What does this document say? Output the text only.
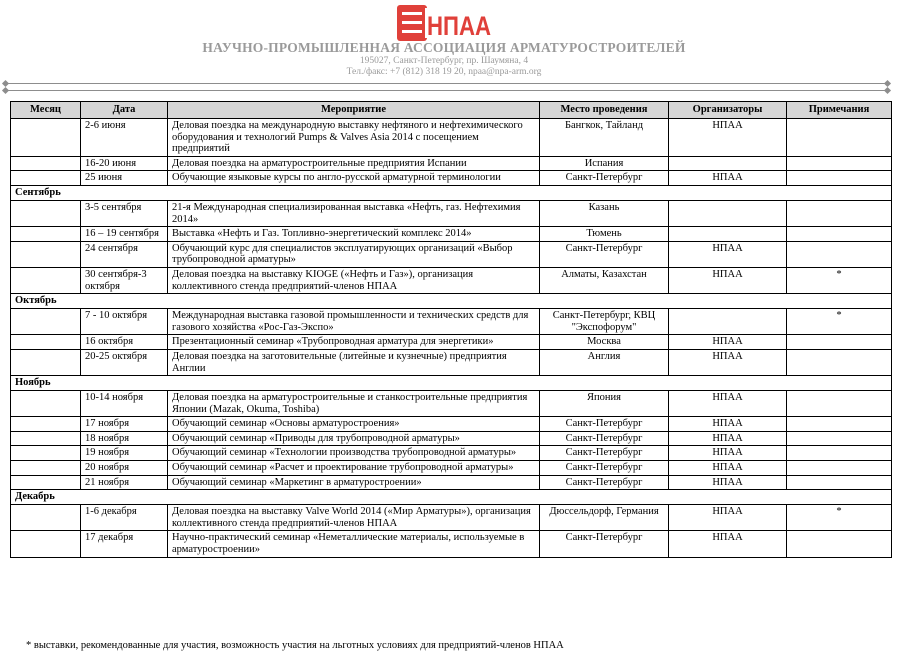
НПАА
НАУЧНО-ПРОМЫШЛЕННАЯ АССОЦИАЦИЯ АРМАТУРОСТРОИТЕЛЕЙ
195027, Санкт-Петербург, пр. Шаумяна, 4
Тел./факс: +7 (812) 318 19 20, npaa@npa-arm.org
Месяц	Дата	Мероприятие	Место проведения	Организаторы	Примечания
	2-6 июня	Деловая поездка на международную выставку нефтяного и нефтехимического оборудования и технологий Pumps & Valves Asia 2014 с посещением предприятий	Бангкок, Тайланд	НПАА	
	16-20 июня	Деловая поездка на арматуростроительные предприятия Испании	Испания		
	25 июня	Обучающие языковые курсы по англо-русской арматурной терминологии	Санкт-Петербург	НПАА	
Сентябрь					
	3-5 сентября	21-я Международная специализированная выставка «Нефть, газ. Нефтехимия 2014»	Казань		
	16 – 19 сентября	Выставка «Нефть и Газ. Топливно-энергетический комплекс 2014»	Тюмень		
	24 сентября	Обучающий курс для специалистов эксплуатирующих организаций «Выбор трубопроводной арматуры»	Санкт-Петербург	НПАА	
	30 сентября-3 октября	Деловая поездка на выставку KIOGE («Нефть и Газ»), организация коллективного стенда предприятий-членов НПАА	Алматы, Казахстан	НПАА	*
Октябрь					
	7 - 10 октября	Международная выставка газовой промышленности и технических средств для газового хозяйства «Рос-Газ-Экспо»	Санкт-Петербург, КВЦ "Экспофорум"		*
	16 октября	Презентационный семинар «Трубопроводная арматура для энергетики»	Москва	НПАА	
	20-25 октября	Деловая поездка на заготовительные (литейные и кузнечные) предприятия Англии	Англия	НПАА	
Ноябрь					
	10-14 ноября	Деловая поездка на арматуростроительные и станкостроительные предприятия Японии (Mazak, Okuma, Toshiba)	Япония	НПАА	
	17 ноября	Обучающий семинар «Основы арматуростроения»	Санкт-Петербург	НПАА	
	18 ноября	Обучающий семинар «Приводы для трубопроводной арматуры»	Санкт-Петербург	НПАА	
	19 ноября	Обучающий семинар «Технологии производства трубопроводной арматуры»	Санкт-Петербург	НПАА	
	20 ноября	Обучающий семинар «Расчет и проектирование трубопроводной арматуры»	Санкт-Петербург	НПАА	
	21 ноября	Обучающий семинар «Маркетинг в арматуростроении»	Санкт-Петербург	НПАА	
Декабрь					
	1-6 декабря	Деловая поездка на выставку Valve World 2014 («Мир Арматуры»), организация коллективного стенда предприятий-членов НПАА	Дюссельдорф, Германия	НПАА	*
	17 декабря	Научно-практический семинар «Неметаллические материалы, используемые в арматуростроении»	Санкт-Петербург	НПАА	
* выставки, рекомендованные для участия, возможность участия на льготных условиях для предприятий-членов НПАА
